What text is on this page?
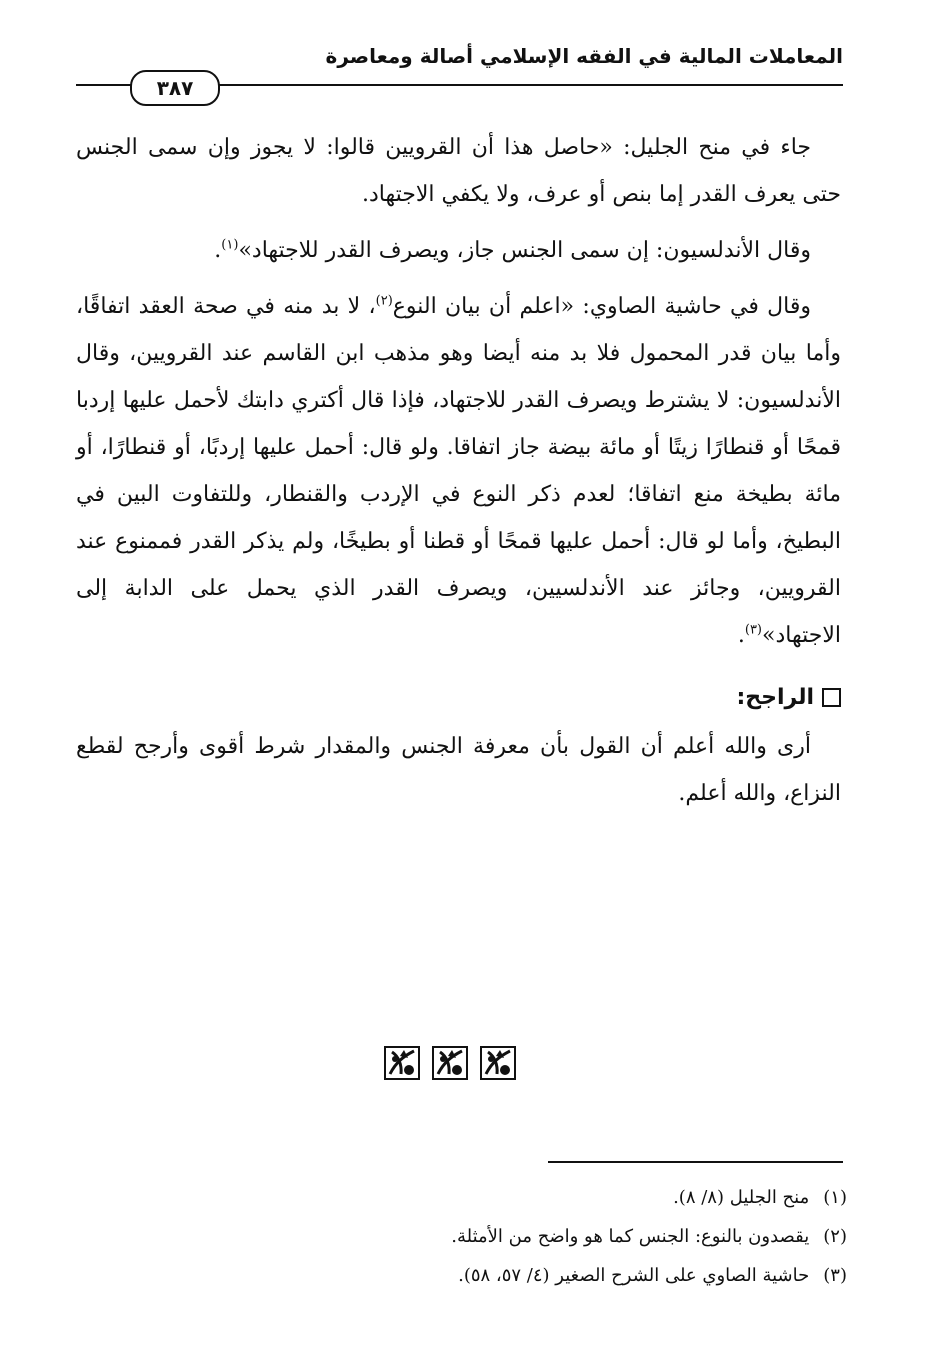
المعاملات المالية في الفقه الإسلامي أصالة ومعاصرة
٣٨٧

جاء في منح الجليل: «حاصل هذا أن القرويين قالوا: لا يجوز وإن سمى الجنس حتى يعرف القدر إما بنص أو عرف، ولا يكفي الاجتهاد.

وقال الأندلسيون: إن سمى الجنس جاز، ويصرف القدر للاجتهاد»$^{(١)}$.

وقال في حاشية الصاوي: «اعلم أن بيان النوع$^{(٢)}$، لا بد منه في صحة العقد اتفاقًا، وأما بيان قدر المحمول فلا بد منه أيضا وهو مذهب ابن القاسم عند القرويين، وقال الأندلسيون: لا يشترط ويصرف القدر للاجتهاد، فإذا قال أكتري دابتك لأحمل عليها إردبا قمحًا أو قنطارًا زيتًا أو مائة بيضة جاز اتفاقا. ولو قال: أحمل عليها إردبًا، أو قنطارًا، أو مائة بطيخة منع اتفاقا؛ لعدم ذكر النوع في الإردب والقنطار، وللتفاوت البين في البطيخ، وأما لو قال: أحمل عليها قمحًا أو قطنا أو بطيخًا، ولم يذكر القدر فممنوع عند القرويين، وجائز عند الأندلسيين، ويصرف القدر الذي يحمل على الدابة إلى الاجتهاد»$^{(٣)}$.

الراجح:

أرى والله أعلم أن القول بأن معرفة الجنس والمقدار شرط أقوى وأرجح لقطع النزاع، والله أعلم.

(١)منح الجليل (٨/ ٨).
(٢)يقصدون بالنوع: الجنس كما هو واضح من الأمثلة.
(٣)حاشية الصاوي على الشرح الصغير (٤/ ٥٧، ٥٨).
